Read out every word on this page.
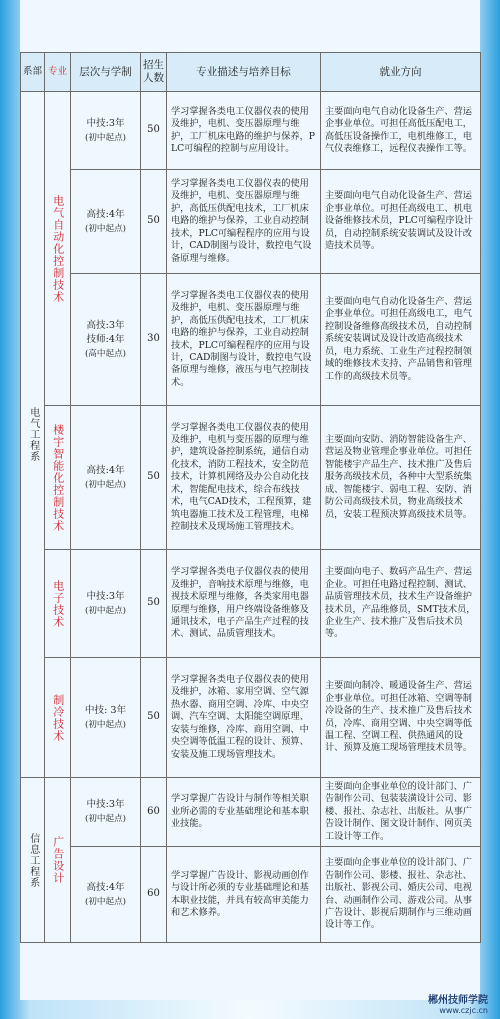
系部	专业	层次与学制	招生人数	专业描述与培养目标	就业方向

电气工程系	电气自动化控制技术	中技:3年
(初中起点)	50	学习掌握各类电工仪器仪表的使用及维护，电机、变压器原理与维护，工厂机床电路的维护与保养，PLC可编程的控制与应用设计。	主要面向电气自动化设备生产、营运企事业单位。可担任高低压配电工，高低压设备操作工，电机维修工，电气仪表维修工，远程仪表操作工等。

		高技:4年
(初中起点)	50	学习掌握各类电工仪器仪表的使用及维护，电机、变压器原理与维护，高低压供配电技术，工厂机床电路的维护与保养，工业自动控制技术，PLC可编程程序的应用与设计，CAD制图与设计，数控电气设备原理与维修。	主要面向电气自动化设备生产、营运企事业单位。可担任高级电工、机电设备维修技术员，PLC可编程序设计员，自动控制系统安装调试及设计改造技术员等。

		高技:3年
技师:4年
(高中起点)	30	学习掌握各类电工仪器仪表的使用及维护，电机、变压器原理与维护，高低压供配电技术，工厂机床电路的维护与保养，工业自动控制技术，PLC可编程程序的应用与设计，CAD制图与设计，数控电气设备原理与维修，液压与电气控制技术。	主要面向电气自动化设备生产、营运企事业单位。可担任高级电工，电气控制设备维修高级技术员，自动控制系统安装调试及设计改造高级技术员，电力系统、工业生产过程控制领域的维修技术支持、产品销售和管理工作的高级技术员等。

	楼宇智能化控制技术	高技:4年
(初中起点)	50	学习掌握各类电工仪器仪表的使用及维护，电机与变压器的原理与维护，建筑设备控制系统，通信自动化技术，消防工程技术，安全防范技术，计算机网络及办公自动化技术，智能配电技术，综合布线技术，电气CAD技术，工程预算，建筑电器施工技术及工程管理，电梯控制技术及现场施工管理技术。	主要面向安防、消防智能设备生产、营运及物业管理企事业单位。可担任智能楼宇产品生产、技术推广及售后服务高级技术员，各种中大型系统集成、智能楼宇、弱电工程、安防、消防公司高级技术员，物业高级技术员，安装工程预决算高级技术员等。

	电子技术	中技:3年
(初中起点)	50	学习掌握各类电子仪器仪表的使用及维护，音响技术原理与维修，电视技术原理与维修，各类家用电器原理与维修，用户终端设备维修及通讯技术，电子产品生产过程的技术、测试、品质管理技术。	主要面向电子、数码产品生产、营运企业。可担任电路过程控制、测试、品质管理技术员，技术生产设备维护技术员，产品维修员，SMT技术员，企业生产、技术推广及售后技术员等。

	制冷技术	中技: 3年
(初中起点)	50	学习掌握各类电子仪器仪表的使用及维护，冰箱、家用空调、空气源热水器、商用空调、冷库、中央空调、汽车空调、太阳能空调原理、安装与维修，冷库、商用空调、中央空调等低温工程的设计、预算、安装及施工现场管理技术。	主要面向制冷、暖通设备生产、营运企事业单位。可担任冰箱、空调等制冷设备的生产、技术推广及售后技术员，冷库、商用空调、中央空调等低温工程、空调工程、供热通风的设计、预算及施工现场管理技术员等。

信息工程系	广告设计	中技:3年
(初中起点)	60	学习掌握广告设计与制作等相关职业所必需的专业基础理论和基本职业技能。	主要面向企事业单位的设计部门、广告制作公司、包装装潢设计公司、影楼、报社、杂志社、出版社。从事广告设计制作、图文设计制作、网页美工设计等工作。

		高技:4年
(初中起点)	60	学习掌握广告设计、影视动画创作与设计所必须的专业基础理论和基本职业技能，并具有较高审美能力和艺术修养。	主要面向企事业单位的设计部门、广告制作公司、影楼、报社、杂志社、出版社、影视公司、婚庆公司、电视台、动画制作公司、游戏公司。从事广告设计、影视后期制作与三维动画设计等工作。
郴州技师学院
www.czjc.cn
